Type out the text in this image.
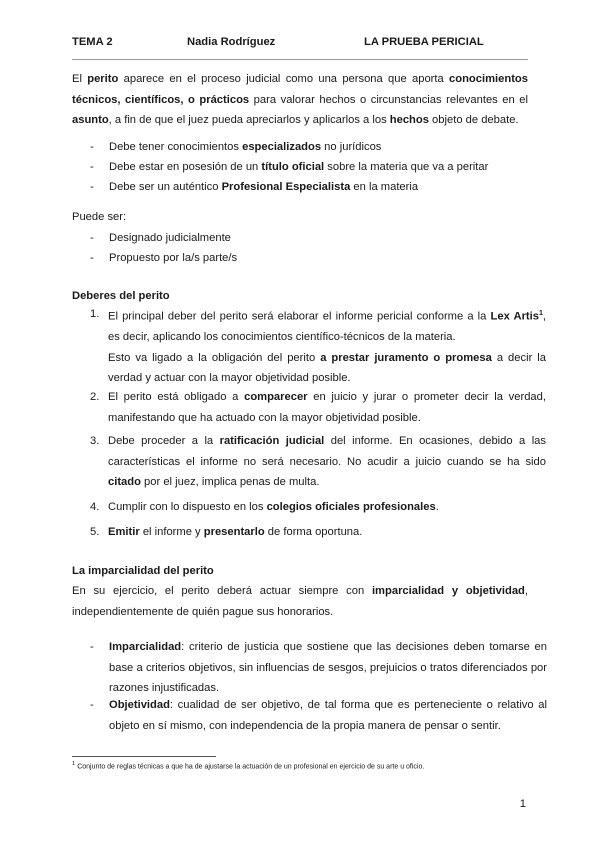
TEMA 2	Nadia Rodríguez	LA PRUEBA PERICIAL
El perito aparece en el proceso judicial como una persona que aporta conocimientos técnicos, científicos, o prácticos para valorar hechos o circunstancias relevantes en el asunto, a fin de que el juez pueda apreciarlos y aplicarlos a los hechos objeto de debate.
- Debe tener conocimientos especializados no jurídicos
- Debe estar en posesión de un título oficial sobre la materia que va a peritar
- Debe ser un auténtico Profesional Especialista en la materia
Puede ser:
- Designado judicialmente
- Propuesto por la/s parte/s
Deberes del perito
1. El principal deber del perito será elaborar el informe pericial conforme a la Lex Artis$^1$, es decir, aplicando los conocimientos científico-técnicos de la materia.
Esto va ligado a la obligación del perito a prestar juramento o promesa a decir la verdad y actuar con la mayor objetividad posible.
2. El perito está obligado a comparecer en juicio y jurar o prometer decir la verdad, manifestando que ha actuado con la mayor objetividad posible.
3. Debe proceder a la ratificación judicial del informe. En ocasiones, debido a las características el informe no será necesario. No acudir a juicio cuando se ha sido citado por el juez, implica penas de multa.
4. Cumplir con lo dispuesto en los colegios oficiales profesionales.
5. Emitir el informe y presentarlo de forma oportuna.
La imparcialidad del perito
En su ejercicio, el perito deberá actuar siempre con imparcialidad y objetividad, independientemente de quién pague sus honorarios.
- Imparcialidad: criterio de justicia que sostiene que las decisiones deben tomarse en base a criterios objetivos, sin influencias de sesgos, prejuicios o tratos diferenciados por razones injustificadas.
- Objetividad: cualidad de ser objetivo, de tal forma que es perteneciente o relativo al objeto en sí mismo, con independencia de la propia manera de pensar o sentir.
$^1$ Conjunto de reglas técnicas a que ha de ajustarse la actuación de un profesional en ejercicio de su arte u oficio.
1
